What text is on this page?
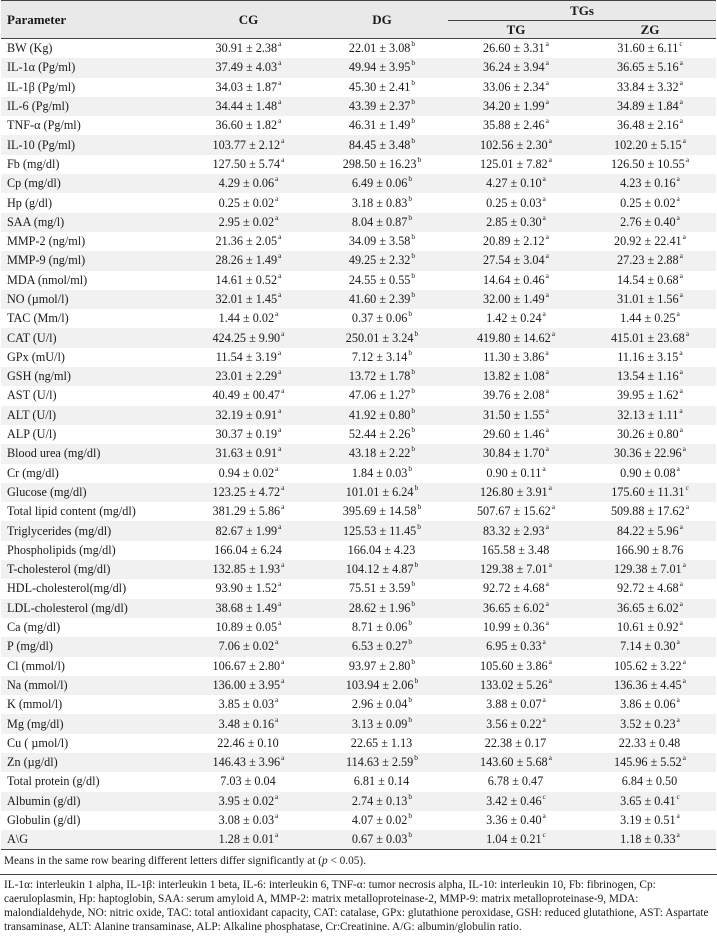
Parameter	CG	DG	TGs	
			TG	ZG
BW (Kg)	30.91 ± 2.38$^a$	22.01 ± 3.08$^b$	26.60 ± 3.31$^a$	31.60 ± 6.11$^c$
IL-1α (Pg/ml)	37.49 ± 4.03$^a$	49.94 ± 3.95$^b$	36.24 ± 3.94$^a$	36.65 ± 5.16$^a$
IL-1β (Pg/ml)	34.03 ± 1.87$^a$	45.30 ± 2.41$^b$	33.06 ± 2.34$^a$	33.84 ± 3.32$^a$
IL-6 (Pg/ml)	34.44 ± 1.48$^a$	43.39 ± 2.37$^b$	34.20 ± 1.99$^a$	34.89 ± 1.84$^a$
TNF-α (Pg/ml)	36.60 ± 1.82$^a$	46.31 ± 1.49$^b$	35.88 ± 2.46$^a$	36.48 ± 2.16$^a$
IL-10 (Pg/ml)	103.77 ± 2.12$^a$	84.45 ± 3.48$^b$	102.56 ± 2.30$^a$	102.20 ± 5.15$^a$
Fb (mg/dl)	127.50 ± 5.74$^a$	298.50 ± 16.23$^b$	125.01 ± 7.82$^a$	126.50 ± 10.55$^a$
Cp (mg/dl)	4.29 ± 0.06$^a$	6.49 ± 0.06$^b$	4.27 ± 0.10$^a$	4.23 ± 0.16$^a$
Hp (g/dl)	0.25 ± 0.02$^a$	3.18 ± 0.83$^b$	0.25 ± 0.03$^a$	0.25 ± 0.02$^a$
SAA (mg/l)	2.95 ± 0.02$^a$	8.04 ± 0.87$^b$	2.85 ± 0.30$^a$	2.76 ± 0.40$^a$
MMP-2 (ng/ml)	21.36 ± 2.05$^a$	34.09 ± 3.58$^b$	20.89 ± 2.12$^a$	20.92 ± 22.41$^a$
MMP-9 (ng/ml)	28.26 ± 1.49$^a$	49.25 ± 2.32$^b$	27.54 ± 3.04$^a$	27.23 ± 2.88$^a$
MDA (nmol/ml)	14.61 ± 0.52$^a$	24.55 ± 0.55$^b$	14.64 ± 0.46$^a$	14.54 ± 0.68$^a$
NO (µmol/l)	32.01 ± 1.45$^a$	41.60 ± 2.39$^b$	32.00 ± 1.49$^a$	31.01 ± 1.56$^a$
TAC (Mm/l)	1.44 ± 0.02$^a$	0.37 ± 0.06$^b$	1.42 ± 0.24$^a$	1.44 ± 0.25$^a$
CAT (U/l)	424.25 ± 9.90$^a$	250.01 ± 3.24$^b$	419.80 ± 14.62$^a$	415.01 ± 23.68$^a$
GPx (mU/l)	11.54 ± 3.19$^a$	7.12 ± 3.14$^b$	11.30 ± 3.86$^a$	11.16 ± 3.15$^a$
GSH (ng/ml)	23.01 ± 2.29$^a$	13.72 ± 1.78$^b$	13.82 ± 1.08$^a$	13.54 ± 1.16$^a$
AST (U/l)	40.49 ± 00.47$^a$	47.06 ± 1.27$^b$	39.76 ± 2.08$^a$	39.95 ± 1.62$^a$
ALT (U/l)	32.19 ± 0.91$^a$	41.92 ± 0.80$^b$	31.50 ± 1.55$^a$	32.13 ± 1.11$^a$
ALP (U/l)	30.37 ± 0.19$^a$	52.44 ± 2.26$^b$	29.60 ± 1.46$^a$	30.26 ± 0.80$^a$
Blood urea (mg/dl)	31.63 ± 0.91$^a$	43.18 ± 2.22$^b$	30.84 ± 1.70$^a$	30.36 ± 22.96$^a$
Cr (mg/dl)	0.94 ± 0.02$^a$	1.84 ± 0.03$^b$	0.90 ± 0.11$^a$	0.90 ± 0.08$^a$
Glucose (mg/dl)	123.25 ± 4.72$^a$	101.01 ± 6.24$^b$	126.80 ± 3.91$^a$	175.60 ± 11.31$^c$
Total lipid content (mg/dl)	381.29 ± 5.86$^a$	395.69 ± 14.58$^b$	507.67 ± 15.62$^a$	509.88 ± 17.62$^a$
Triglycerides (mg/dl)	82.67 ± 1.99$^a$	125.53 ± 11.45$^b$	83.32 ± 2.93$^a$	84.22 ± 5.96$^a$
Phospholipids (mg/dl)	166.04 ± 6.24	166.04 ± 4.23	165.58 ± 3.48	166.90 ± 8.76
T-cholesterol (mg/dl)	132.85 ± 1.93$^a$	104.12 ± 4.87$^b$	129.38 ± 7.01$^a$	129.38 ± 7.01$^a$
HDL-cholesterol(mg/dl)	93.90 ± 1.52$^a$	75.51 ± 3.59$^b$	92.72 ± 4.68$^a$	92.72 ± 4.68$^a$
LDL-cholesterol (mg/dl)	38.68 ± 1.49$^a$	28.62 ± 1.96$^b$	36.65 ± 6.02$^a$	36.65 ± 6.02$^a$
Ca (mg/dl)	10.89 ± 0.05$^a$	8.71 ± 0.06$^b$	10.99 ± 0.36$^a$	10.61 ± 0.92$^a$
P (mg/dl)	7.06 ± 0.02$^a$	6.53 ± 0.27$^b$	6.95 ± 0.33$^a$	7.14 ± 0.30$^a$
Cl (mmol/l)	106.67 ± 2.80$^a$	93.97 ± 2.80$^b$	105.60 ± 3.86$^a$	105.62 ± 3.22$^a$
Na (mmol/l)	136.00 ± 3.95$^a$	103.94 ± 2.06$^b$	133.02 ± 5.26$^a$	136.36 ± 4.45$^a$
K (mmol/l)	3.85 ± 0.03$^a$	2.96 ± 0.04$^b$	3.88 ± 0.07$^a$	3.86 ± 0.06$^a$
Mg (mg/dl)	3.48 ± 0.16$^a$	3.13 ± 0.09$^b$	3.56 ± 0.22$^a$	3.52 ± 0.23$^a$
Cu ( µmol/l)	22.46 ± 0.10	22.65 ± 1.13	22.38 ± 0.17	22.33 ± 0.48
Zn (µg/dl)	146.43 ± 3.96$^a$	114.63 ± 2.59$^b$	143.60 ± 5.68$^a$	145.96 ± 5.52$^a$
Total protein (g/dl)	7.03 ± 0.04	6.81 ± 0.14	6.78 ± 0.47	6.84 ± 0.50
Albumin (g/dl)	3.95 ± 0.02$^a$	2.74 ± 0.13$^b$	3.42 ± 0.46$^c$	3.65 ± 0.41$^c$
Globulin (g/dl)	3.08 ± 0.03$^a$	4.07 ± 0.02$^b$	3.36 ± 0.40$^a$	3.19 ± 0.51$^a$
A\G	1.28 ± 0.01$^a$	0.67 ± 0.03$^b$	1.04 ± 0.21$^c$	1.18 ± 0.33$^a$
Means in the same row bearing different letters differ significantly at (p < 0.05).
IL-1α: interleukin 1 alpha, IL-1β: interleukin 1 beta, IL-6: interleukin 6, TNF-α: tumor necrosis alpha, IL-10: interleukin 10, Fb: fibrinogen, Cp: caeruloplasmin, Hp: haptoglobin, SAA: serum amyloid A, MMP-2: matrix metalloproteinase-2, MMP-9: matrix metalloproteinase-9, MDA: malondialdehyde, NO: nitric oxide, TAC: total antioxidant capacity, CAT: catalase, GPx: glutathione peroxidase, GSH: reduced glutathione, AST: Aspartate transaminase, ALT: Alanine transaminase, ALP: Alkaline phosphatase, Cr:Creatinine. A/G: albumin/globulin ratio.
